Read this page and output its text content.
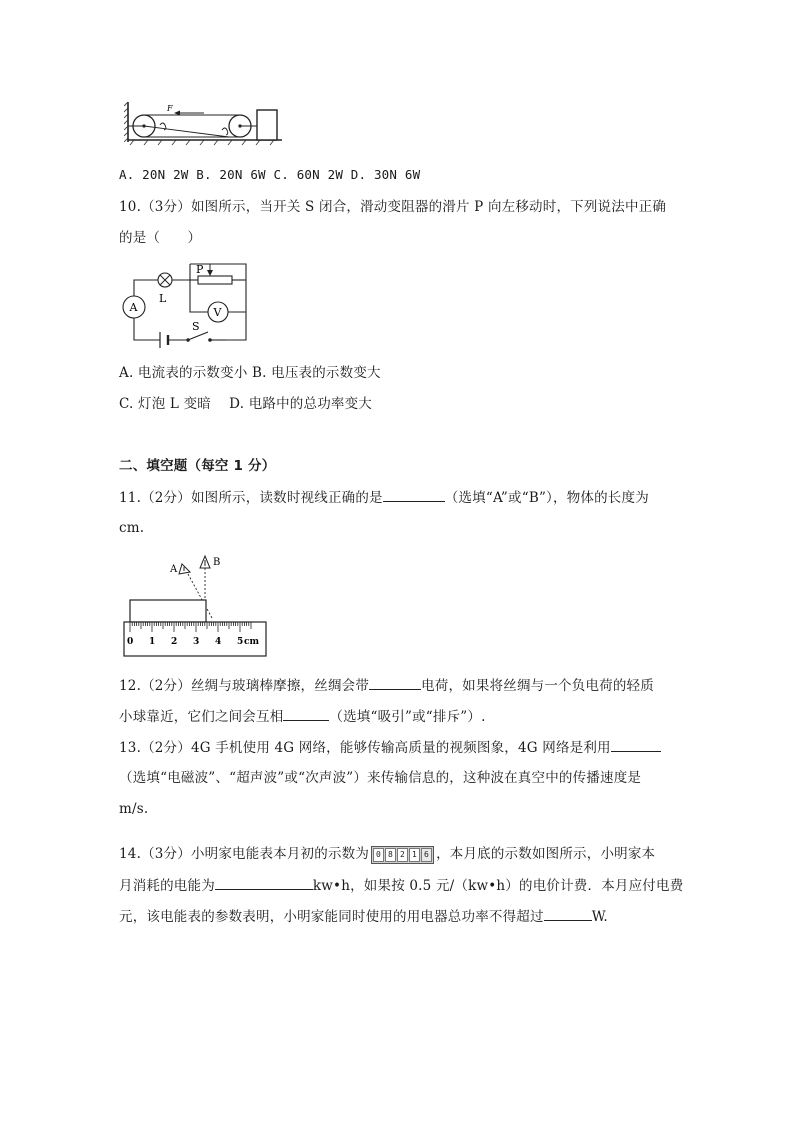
F
A. 20N 2W B. 20N 6W C. 60N 2W D. 30N 6W
10.（3分）如图所示，当开关 S 闭合，滑动变阻器的滑片 P 向左移动时，下列说法中正确
的是（　　）
P
L
A	V
S
A. 电流表的示数变小 B. 电压表的示数变大
C. 灯泡 L 变暗　 D. 电路中的总功率变大
二、填空题（每空 1 分）
11.（2分）如图所示，读数时视线正确的是	（选填“A”或“B”），物体的长度为
cm.
A
B
0 1 2 3 4 5 cm
12.（2分）丝绸与玻璃棒摩擦，丝绸会带	电荷，如果将丝绸与一个负电荷的轻质
小球靠近，它们之间会互相	（选填“吸引”或“排斥”）.
13.（2分）4G 手机使用 4G 网络，能够传输高质量的视频图象，4G 网络是利用
（选填“电磁波”、“超声波”或“次声波”）来传输信息的，这种波在真空中的传播速度是
m/s.
14.（3分）小明家电能表本月初的示数为 0 8 2 1 6 ，本月底的示数如图所示，小明家本
月消耗的电能为	kw•h，如果按 0.5 元/（kw•h）的电价计费．本月应付电费
元，该电能表的参数表明，小明家能同时使用的用电器总功率不得超过	W.
